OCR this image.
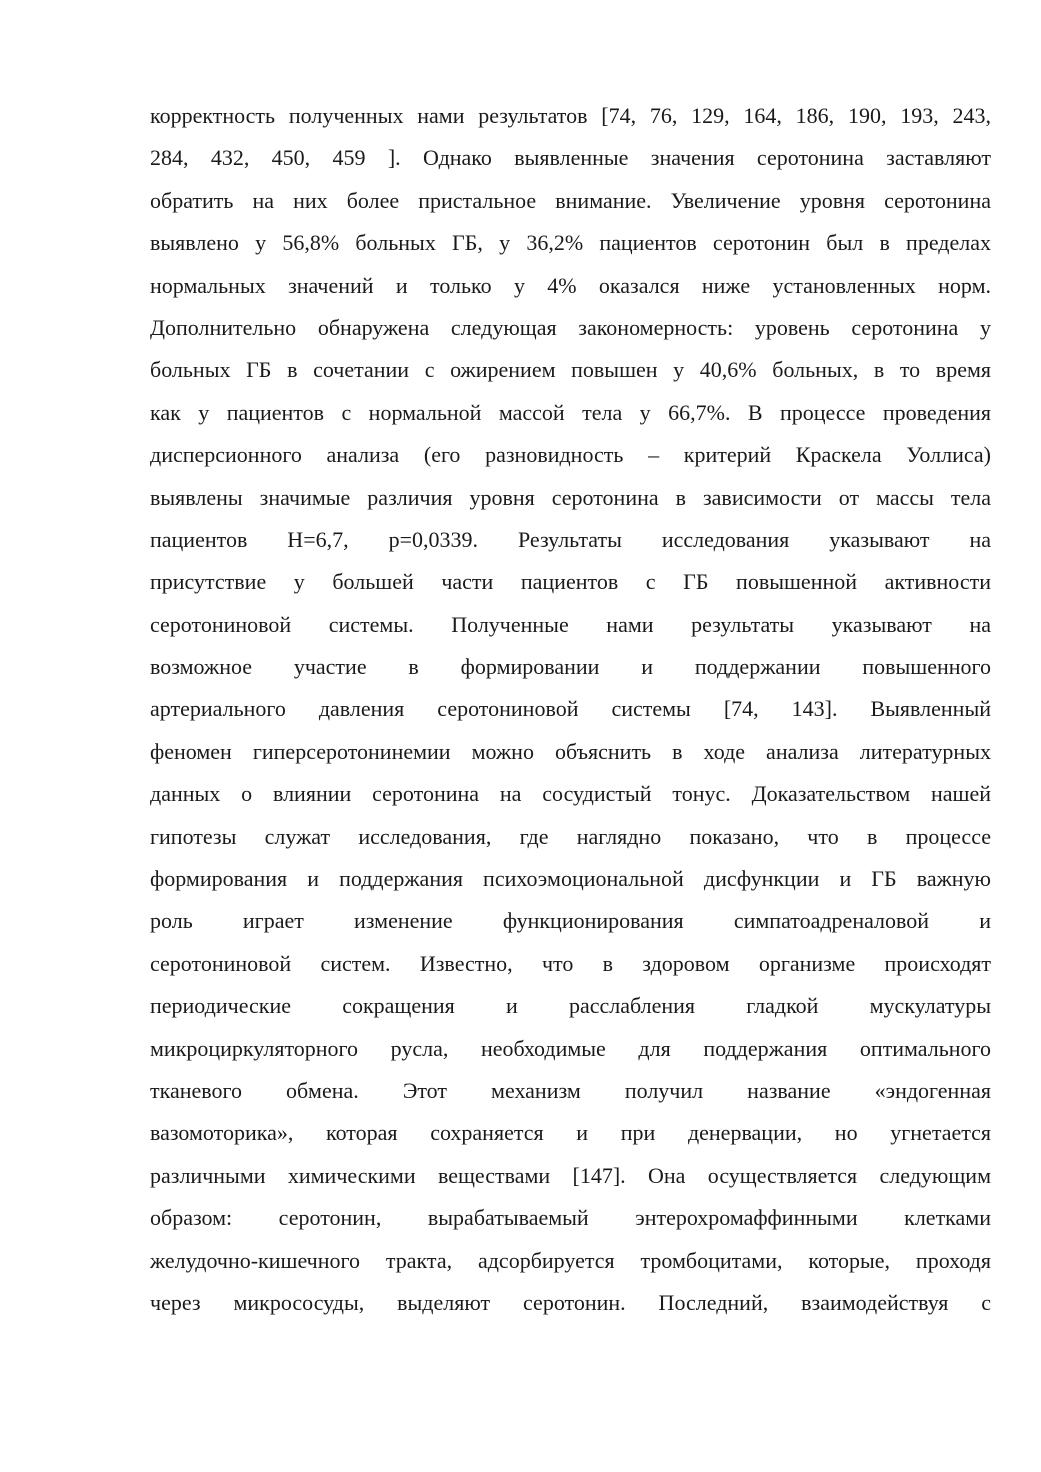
корректность полученных нами результатов [74, 76, 129, 164, 186, 190, 193, 243,
284, 432, 450, 459 ]. Однако выявленные значения серотонина заставляют
обратить на них более пристальное внимание. Увеличение уровня серотонина
выявлено у 56,8% больных ГБ, у 36,2% пациентов серотонин был в пределах
нормальных значений и только у 4% оказался ниже установленных норм.
Дополнительно обнаружена следующая закономерность: уровень серотонина у
больных ГБ в сочетании с ожирением повышен у 40,6% больных, в то время
как у пациентов с нормальной массой тела у 66,7%. В процессе проведения
дисперсионного анализа (его разновидность – критерий Краскела Уоллиса)
выявлены значимые различия уровня серотонина в зависимости от массы тела
пациентов H=6,7, p=0,0339. Результаты исследования указывают на
присутствие у большей части пациентов с ГБ повышенной активности
серотониновой системы. Полученные нами результаты указывают на
возможное участие в формировании и поддержании повышенного
артериального давления серотониновой системы [74, 143]. Выявленный
феномен гиперсеротонинемии можно объяснить в ходе анализа литературных
данных о влиянии серотонина на сосудистый тонус. Доказательством нашей
гипотезы служат исследования, где наглядно показано, что в процессе
формирования и поддержания психоэмоциональной дисфункции и ГБ важную
роль играет изменение функционирования симпатоадреналовой и
серотониновой систем. Известно, что в здоровом организме происходят
периодические сокращения и расслабления гладкой мускулатуры
микроциркуляторного русла, необходимые для поддержания оптимального
тканевого обмена. Этот механизм получил название «эндогенная
вазомоторика», которая сохраняется и при денервации, но угнетается
различными химическими веществами [147]. Она осуществляется следующим
образом: серотонин, вырабатываемый энтерохромаффинными клетками
желудочно-кишечного тракта, адсорбируется тромбоцитами, которые, проходя
через микрососуды, выделяют серотонин. Последний, взаимодействуя с
